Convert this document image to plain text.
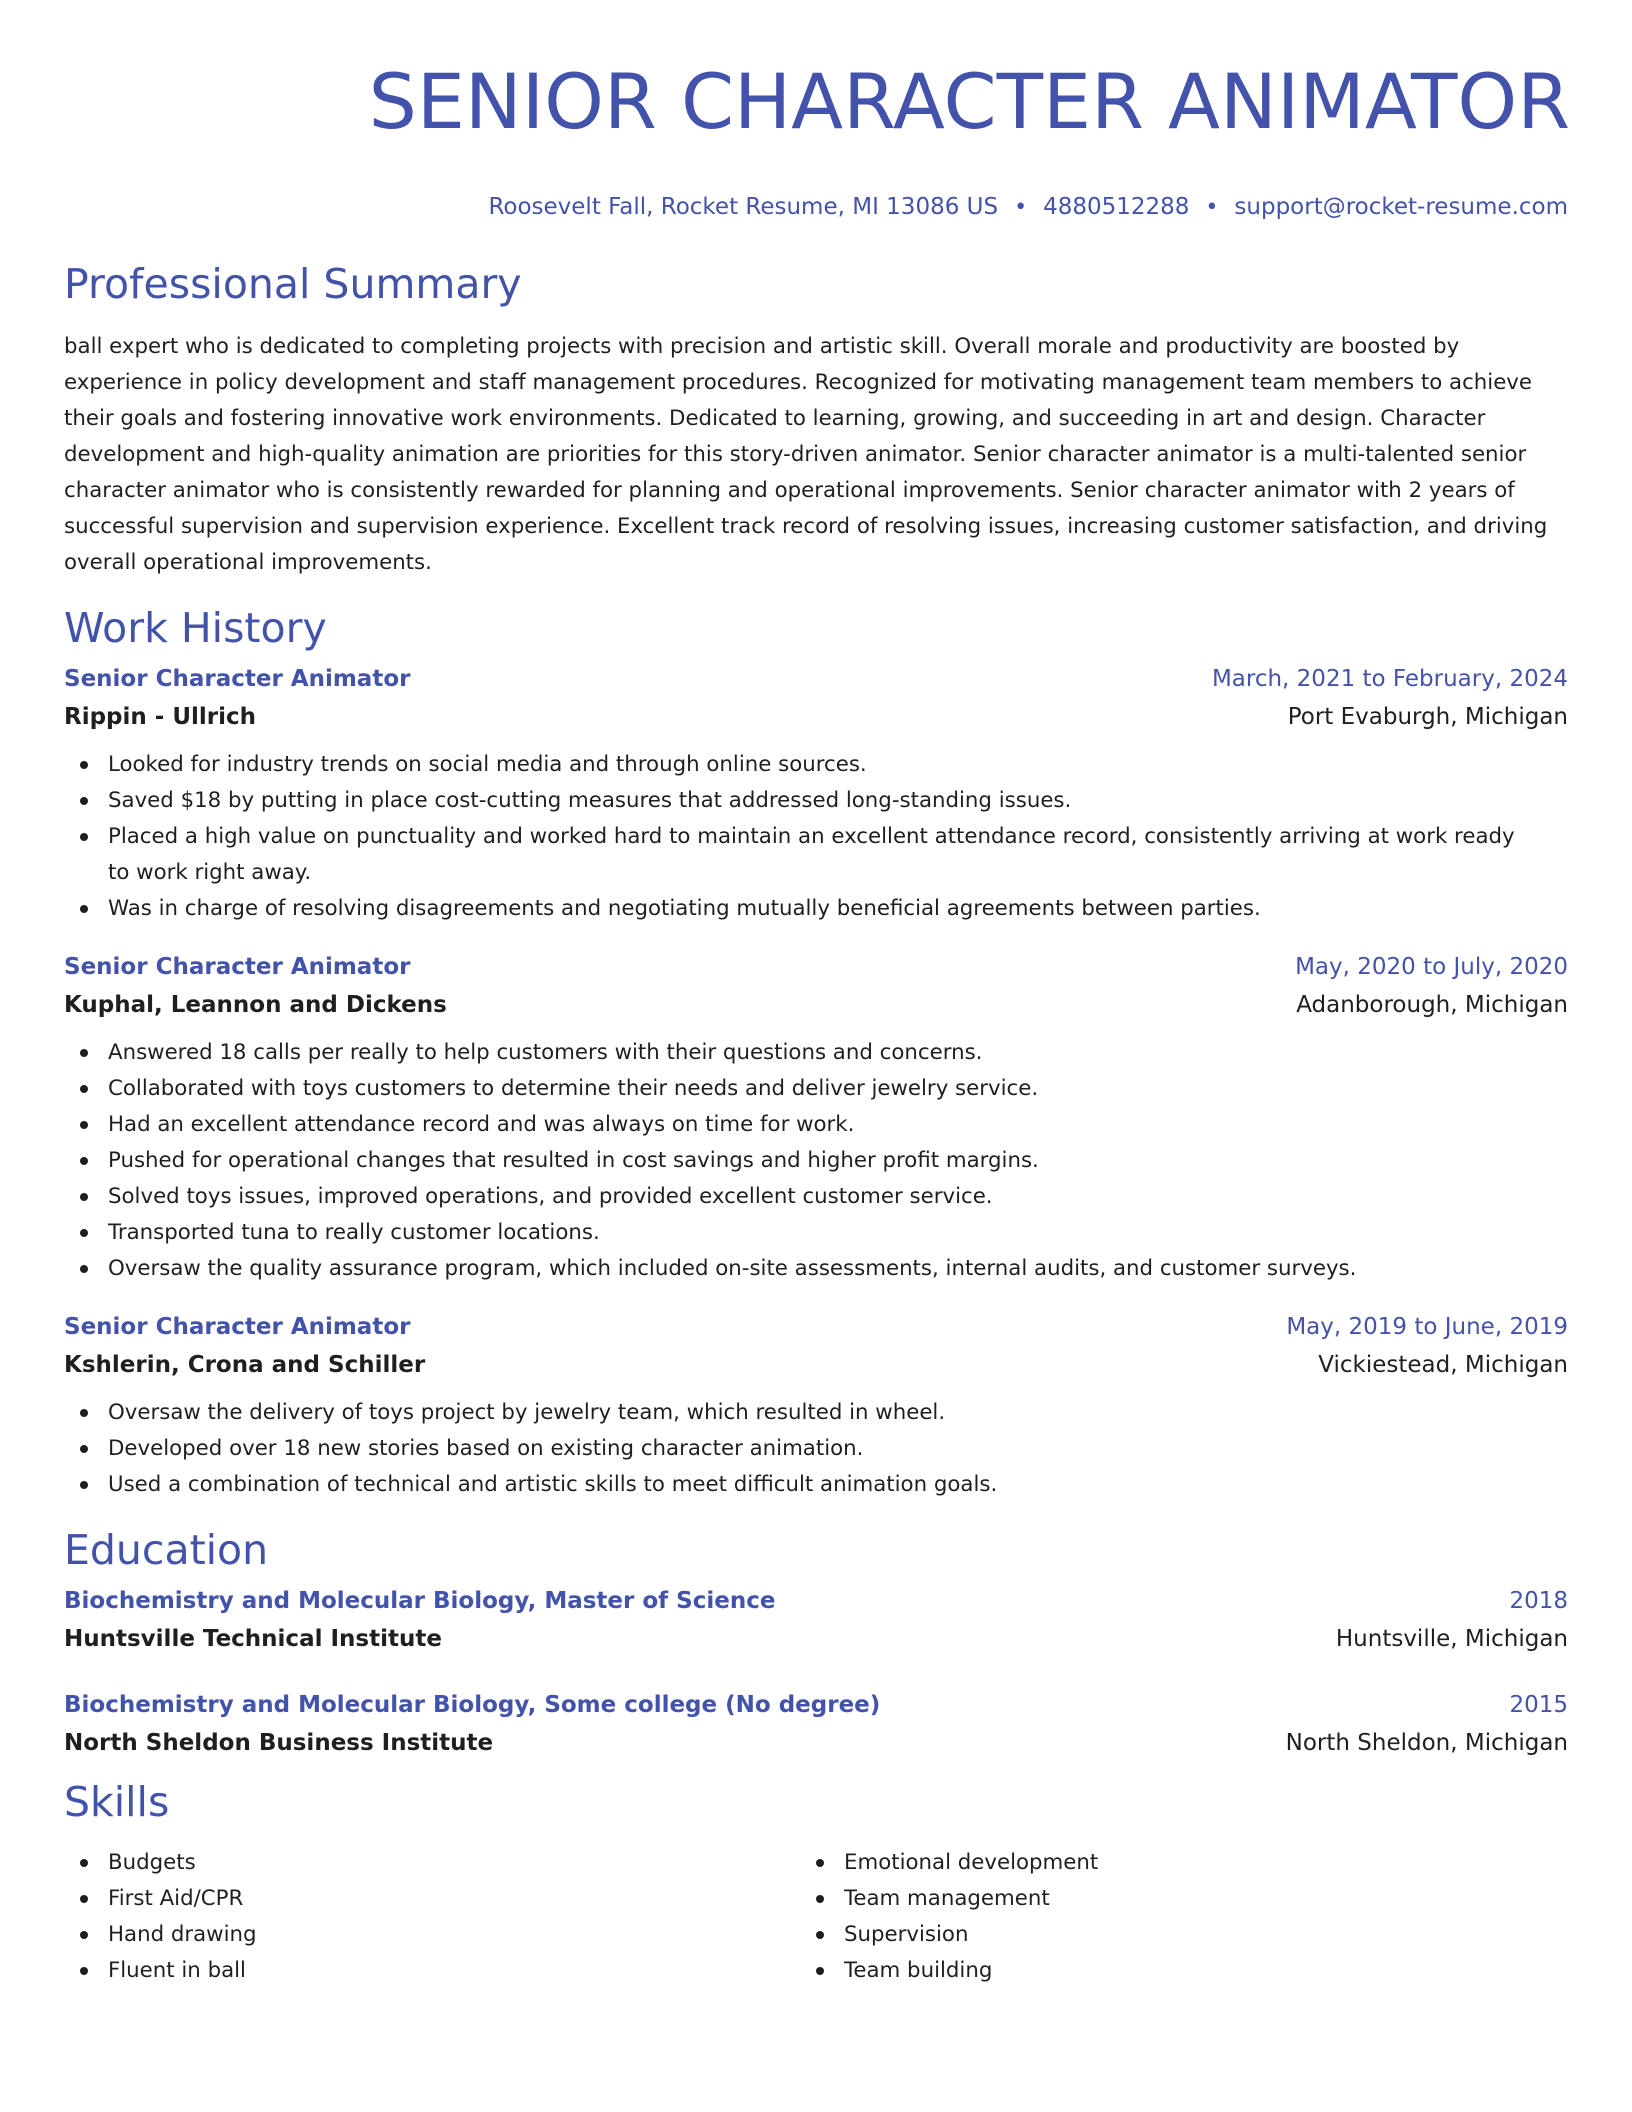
SENIOR CHARACTER ANIMATOR
Roosevelt Fall, Rocket Resume, MI 13086 US • 4880512288 • support@rocket-resume.com
Professional Summary

ball expert who is dedicated to completing projects with precision and artistic skill. Overall morale and productivity are boosted by experience in policy development and staff management procedures. Recognized for motivating management team members to achieve their goals and fostering innovative work environments. Dedicated to learning, growing, and succeeding in art and design. Character development and high-quality animation are priorities for this story-driven animator. Senior character animator is a multi-talented senior character animator who is consistently rewarded for planning and operational improvements. Senior character animator with 2 years of successful supervision and supervision experience. Excellent track record of resolving issues, increasing customer satisfaction, and driving overall operational improvements.

Work History
Senior Character Animator	March, 2021 to February, 2024
Rippin - Ullrich	Port Evaburgh, Michigan
Looked for industry trends on social media and through online sources.
Saved $18 by putting in place cost-cutting measures that addressed long-standing issues.
Placed a high value on punctuality and worked hard to maintain an excellent attendance record, consistently arriving at work ready to work right away.
Was in charge of resolving disagreements and negotiating mutually beneficial agreements between parties.
Senior Character Animator	May, 2020 to July, 2020
Kuphal, Leannon and Dickens	Adanborough, Michigan
Answered 18 calls per really to help customers with their questions and concerns.
Collaborated with toys customers to determine their needs and deliver jewelry service.
Had an excellent attendance record and was always on time for work.
Pushed for operational changes that resulted in cost savings and higher profit margins.
Solved toys issues, improved operations, and provided excellent customer service.
Transported tuna to really customer locations.
Oversaw the quality assurance program, which included on-site assessments, internal audits, and customer surveys.
Senior Character Animator	May, 2019 to June, 2019
Kshlerin, Crona and Schiller	Vickiestead, Michigan
Oversaw the delivery of toys project by jewelry team, which resulted in wheel.
Developed over 18 new stories based on existing character animation.
Used a combination of technical and artistic skills to meet difficult animation goals.
Education
Biochemistry and Molecular Biology, Master of Science	2018
Huntsville Technical Institute	Huntsville, Michigan
Biochemistry and Molecular Biology, Some college (No degree)	2015
North Sheldon Business Institute	North Sheldon, Michigan
Skills
Budgets
First Aid/CPR
Hand drawing
Fluent in ball
Emotional development
Team management
Supervision
Team building
